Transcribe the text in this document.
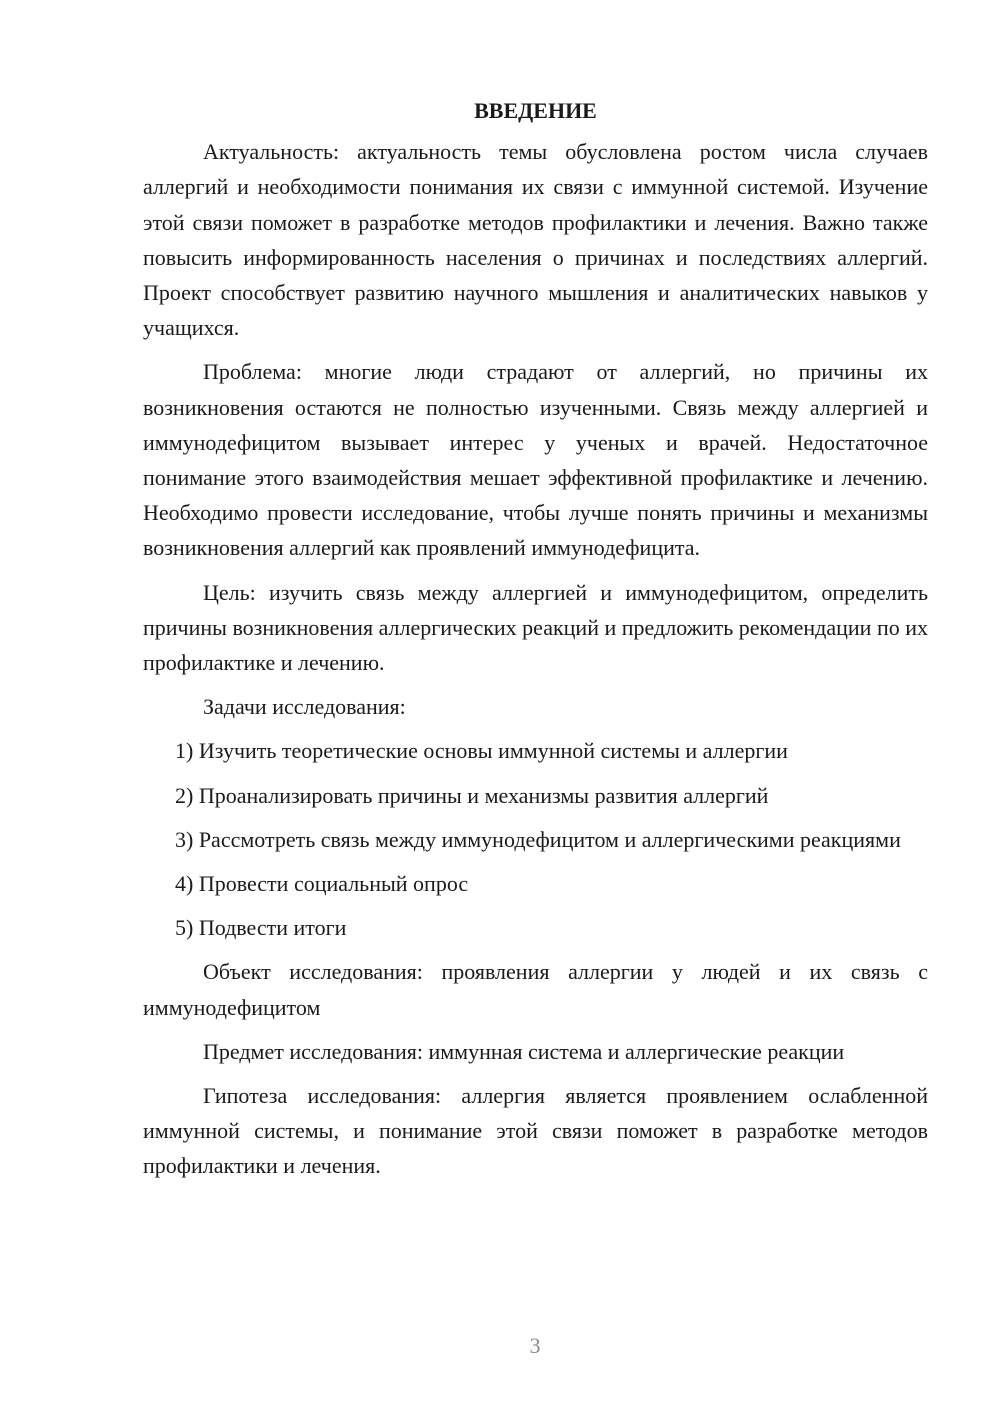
ВВЕДЕНИЕ

Актуальность: актуальность темы обусловлена ростом числа случаев аллергий и необходимости понимания их связи с иммунной системой. Изучение этой связи поможет в разработке методов профилактики и лечения. Важно также повысить информированность населения о причинах и последствиях аллергий. Проект способствует развитию научного мышления и аналитических навыков у учащихся.

Проблема: многие люди страдают от аллергий, но причины их возникновения остаются не полностью изученными. Связь между аллергией и иммунодефицитом вызывает интерес у ученых и врачей. Недостаточное понимание этого взаимодействия мешает эффективной профилактике и лечению. Необходимо провести исследование, чтобы лучше понять причины и механизмы возникновения аллергий как проявлений иммунодефицита.

Цель: изучить связь между аллергией и иммунодефицитом, определить причины возникновения аллергических реакций и предложить рекомендации по их профилактике и лечению.

Задачи исследования:

1) Изучить теоретические основы иммунной системы и аллергии

2) Проанализировать причины и механизмы развития аллергий

3) Рассмотреть связь между иммунодефицитом и аллергическими реакциями

4) Провести социальный опрос

5) Подвести итоги

Объект исследования: проявления аллергии у людей и их связь с иммунодефицитом

Предмет исследования: иммунная система и аллергические реакции

Гипотеза исследования: аллергия является проявлением ослабленной иммунной системы, и понимание этой связи поможет в разработке методов профилактики и лечения.

3
